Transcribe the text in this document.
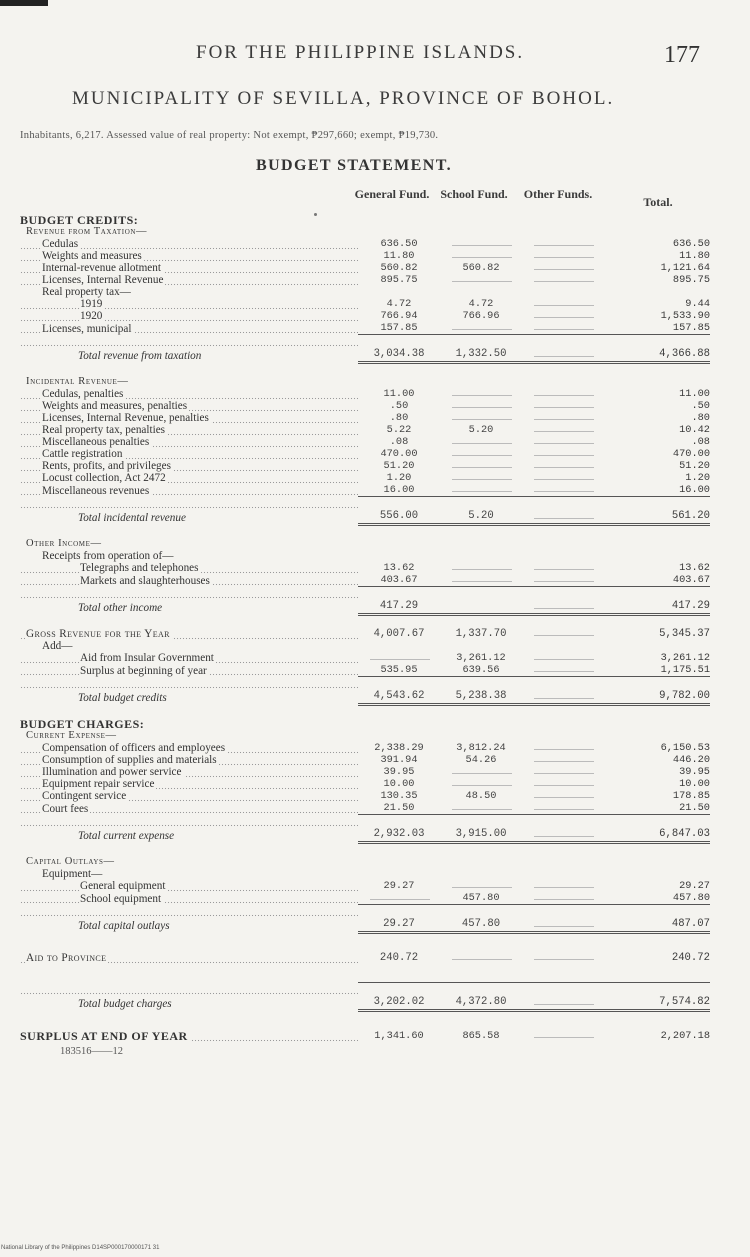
FOR THE PHILIPPINE ISLANDS.	177
MUNICIPALITY OF SEVILLA, PROVINCE OF BOHOL.
Inhabitants, 6,217. Assessed value of real property: Not exempt, ₱297,660; exempt, ₱19,730.
BUDGET STATEMENT.
General Fund. School Fund.	Other Funds.
Total.
BUDGET CREDITS:				
Revenue from Taxation—				
Cedulas	636.50			636.50
Weights and measures	11.80			11.80
Internal-revenue allotment	560.82	560.82		1,121.64
Licenses, Internal Revenue	895.75			895.75
Real property tax—				
1919	4.72	4.72		9.44
1920	766.94	766.96		1,533.90
Licenses, municipal	157.85			157.85
Total revenue from taxation	3,034.38	1,332.50		4,366.88

Incidental Revenue—				
Cedulas, penalties	11.00			11.00
Weights and measures, penalties	.50			.50
Licenses, Internal Revenue, penalties	.80			.80
Real property tax, penalties	5.22	5.20		10.42
Miscellaneous penalties	.08			.08
Cattle registration	470.00			470.00
Rents, profits, and privileges	51.20			51.20
Locust collection, Act 2472	1.20			1.20
Miscellaneous revenues	16.00			16.00
Total incidental revenue	556.00	5.20		561.20

Other Income—				
Receipts from operation of—				
Telegraphs and telephones	13.62			13.62
Markets and slaughterhouses	403.67			403.67
Total other income	417.29			417.29

Gross Revenue for the Year	4,007.67	1,337.70		5,345.37
Add—				
Aid from Insular Government		3,261.12		3,261.12
Surplus at beginning of year	535.95	639.56		1,175.51
Total budget credits	4,543.62	5,238.38		9,782.00

BUDGET CHARGES:				
Current Expense—				
Compensation of officers and employees	2,338.29	3,812.24		6,150.53
Consumption of supplies and materials	391.94	54.26		446.20
Illumination and power service	39.95			39.95
Equipment repair service	10.00			10.00
Contingent service	130.35	48.50		178.85
Court fees	21.50			21.50
Total current expense	2,932.03	3,915.00		6,847.03

Capital Outlays—				
Equipment—				
General equipment	29.27			29.27
School equipment		457.80		457.80
Total capital outlays	29.27	457.80		487.07

Aid to Province	240.72			240.72

Total budget charges	3,202.02	4,372.80		7,574.82

SURPLUS AT END OF YEAR	1,341.60	865.58		2,207.18
183516——12
National Library of the Philippines D14SP000170000171 31
